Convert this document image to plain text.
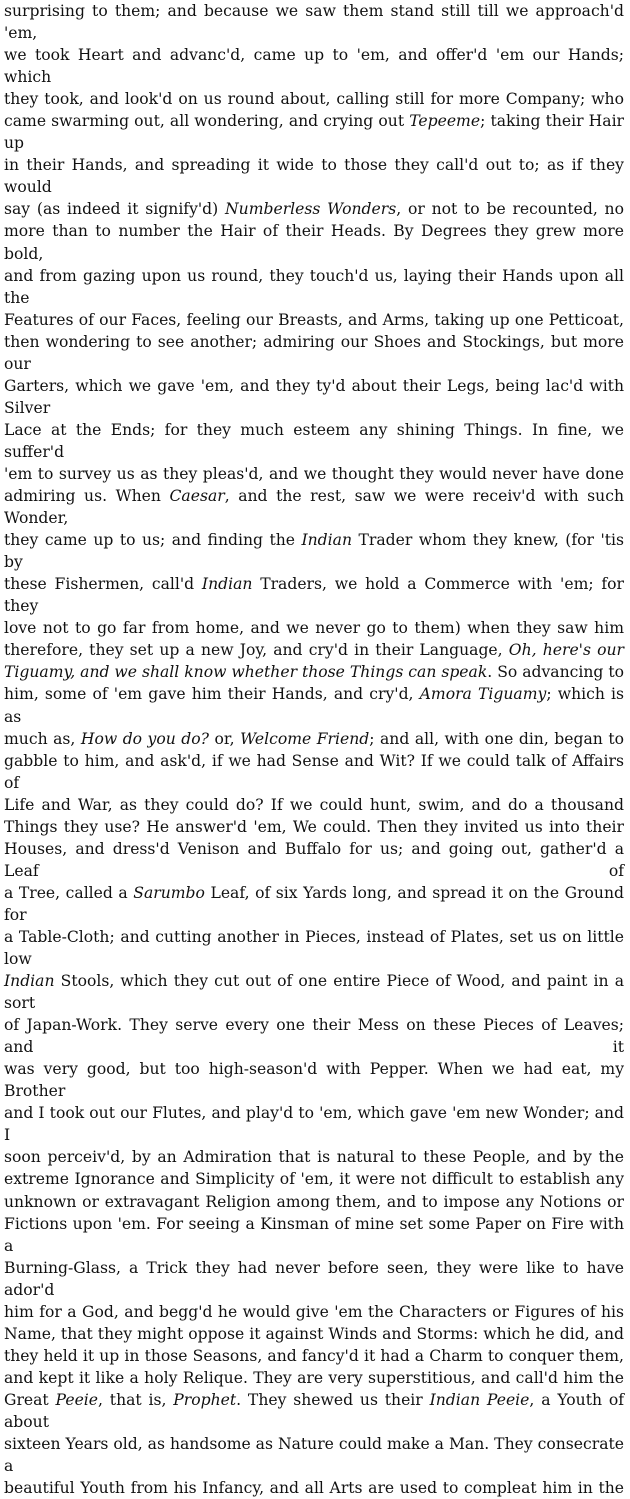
surprising to them; and because we saw them stand still till we approach'd 'em,
we took Heart and advanc'd, came up to 'em, and offer'd 'em our Hands; which
they took, and look'd on us round about, calling still for more Company; who
came swarming out, all wondering, and crying out Tepeeme; taking their Hair up
in their Hands, and spreading it wide to those they call'd out to; as if they would
say (as indeed it signify'd) Numberless Wonders, or not to be recounted, no
more than to number the Hair of their Heads. By Degrees they grew more bold,
and from gazing upon us round, they touch'd us, laying their Hands upon all the
Features of our Faces, feeling our Breasts, and Arms, taking up one Petticoat,
then wondering to see another; admiring our Shoes and Stockings, but more our
Garters, which we gave 'em, and they ty'd about their Legs, being lac'd with Silver
Lace at the Ends; for they much esteem any shining Things. In fine, we suffer'd
'em to survey us as they pleas'd, and we thought they would never have done
admiring us. When Caesar, and the rest, saw we were receiv'd with such Wonder,
they came up to us; and finding the Indian Trader whom they knew, (for 'tis by
these Fishermen, call'd Indian Traders, we hold a Commerce with 'em; for they
love not to go far from home, and we never go to them) when they saw him
therefore, they set up a new Joy, and cry'd in their Language, Oh, here's our
Tiguamy, and we shall know whether those Things can speak. So advancing to
him, some of 'em gave him their Hands, and cry'd, Amora Tiguamy; which is as
much as, How do you do? or, Welcome Friend; and all, with one din, began to
gabble to him, and ask'd, if we had Sense and Wit? If we could talk of Affairs of
Life and War, as they could do? If we could hunt, swim, and do a thousand
Things they use? He answer'd 'em, We could. Then they invited us into their
Houses, and dress'd Venison and Buffalo for us; and going out, gather'd a Leaf of
a Tree, called a Sarumbo Leaf, of six Yards long, and spread it on the Ground for
a Table-Cloth; and cutting another in Pieces, instead of Plates, set us on little low
Indian Stools, which they cut out of one entire Piece of Wood, and paint in a sort
of Japan-Work. They serve every one their Mess on these Pieces of Leaves; and it
was very good, but too high-season'd with Pepper. When we had eat, my Brother
and I took out our Flutes, and play'd to 'em, which gave 'em new Wonder; and I
soon perceiv'd, by an Admiration that is natural to these People, and by the
extreme Ignorance and Simplicity of 'em, it were not difficult to establish any
unknown or extravagant Religion among them, and to impose any Notions or
Fictions upon 'em. For seeing a Kinsman of mine set some Paper on Fire with a
Burning-Glass, a Trick they had never before seen, they were like to have ador'd
him for a God, and begg'd he would give 'em the Characters or Figures of his
Name, that they might oppose it against Winds and Storms: which he did, and
they held it up in those Seasons, and fancy'd it had a Charm to conquer them,
and kept it like a holy Relique. They are very superstitious, and call'd him the
Great Peeie, that is, Prophet. They shewed us their Indian Peeie, a Youth of about
sixteen Years old, as handsome as Nature could make a Man. They consecrate a
beautiful Youth from his Infancy, and all Arts are used to compleat him in the
